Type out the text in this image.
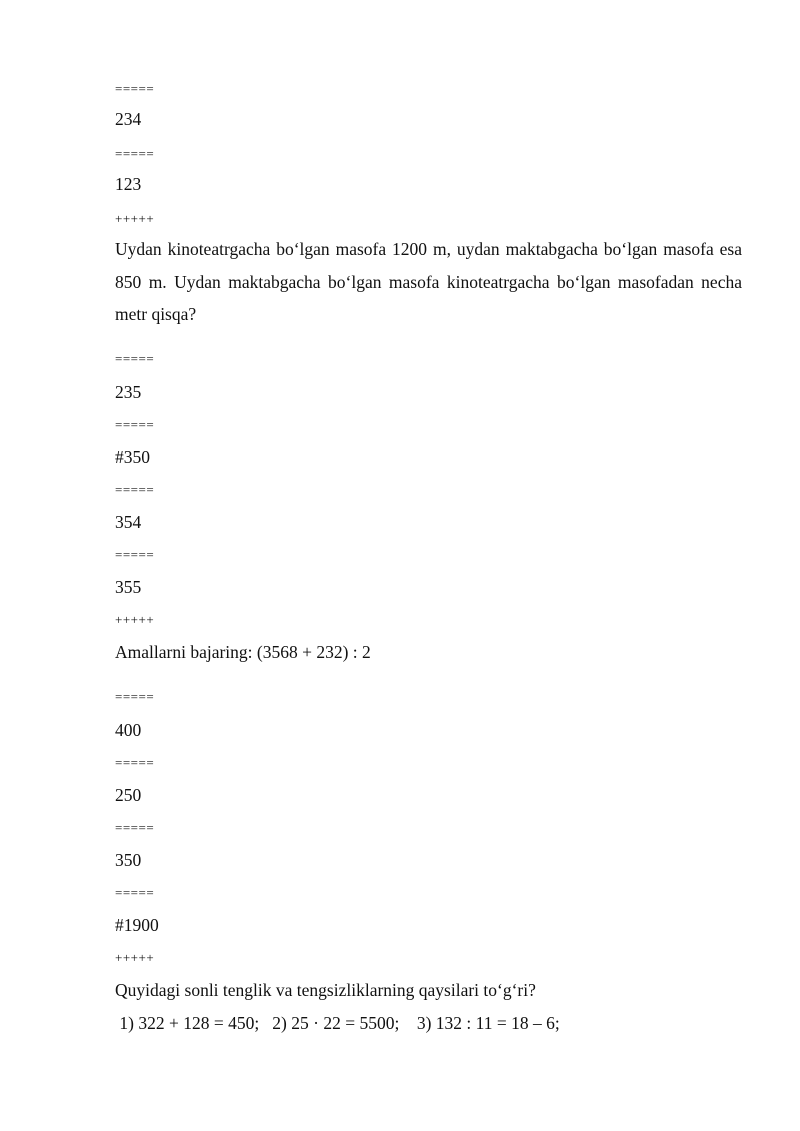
=====
234
=====
123
+++++
Uydan kinoteatrgacha bo‘lgan masofa 1200 m, uydan maktabgacha bo‘lgan masofa esa 850 m. Uydan maktabgacha bo‘lgan masofa kinoteatrgacha bo‘lgan masofadan necha metr qisqa?
=====
235
=====
#350
=====
354
=====
355
+++++
Amallarni bajaring: (3568 + 232) : 2
=====
400
=====
250
=====
350
=====
#1900
+++++
Quyidagi sonli tenglik va tengsizliklarning qaysilari to‘g‘ri?
1) 322 + 128 = 450;   2) 25 · 22 = 5500;    3) 132 : 11 = 18 – 6;
